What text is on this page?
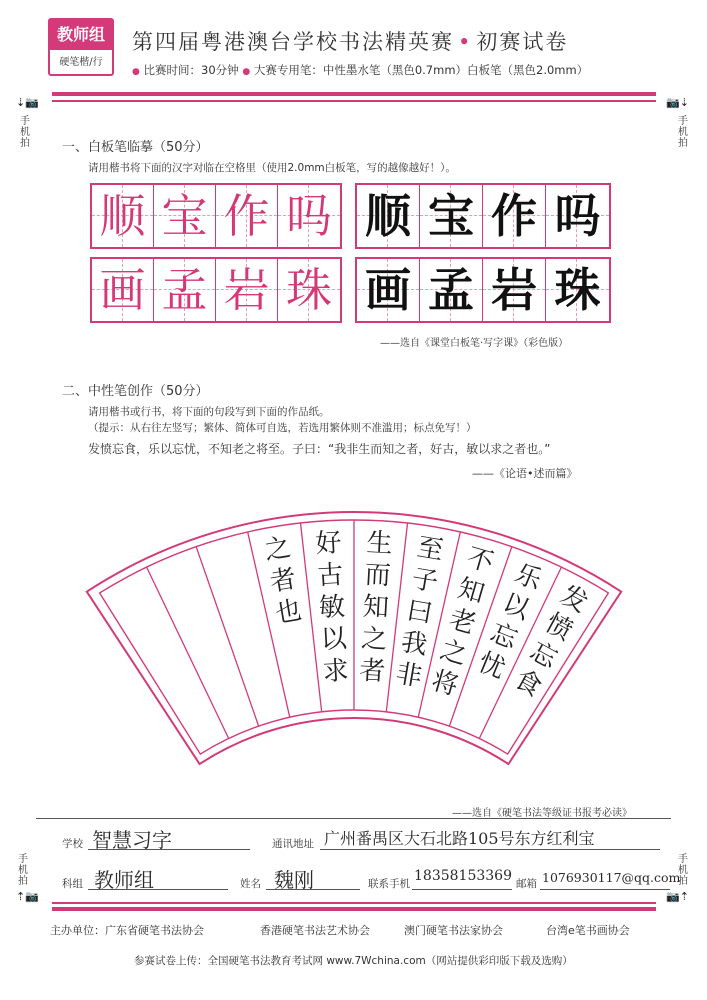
教师组
硬笔楷/行
第四届粤港澳台学校书法精英赛 • 初赛试卷
● 比赛时间：30分钟 ● 大赛专用笔：中性墨水笔（黑色0.7mm）白板笔（黑色2.0mm）
⇣📷
手机拍
📷⇣
手机拍
手机拍
⇡📷
手机拍
📷⇡
一、白板笔临摹（50分）
请用楷书将下面的汉字对临在空格里（使用2.0mm白板笔，写的越像越好！）。
顺 宝 作 吗 顺 宝 作 吗
画 孟 岩 珠 画 孟 岩 珠
——选自《课堂白板笔·写字课》（彩色版）
二、中性笔创作（50分）
请用楷书或行书，将下面的句段写到下面的作品纸。
（提示：从右往左竖写；繁体、简体可自选，若选用繁体则不准滥用；标点免写！）
发愤忘食，乐以忘忧，不知老之将至。子曰：“我非生而知之者，好古，敏以求之者也。”
——《论语•述而篇》
发
愤
忘
食
乐
以
忘
忧
不
知
老
之
将
至
子
曰
我
非
生
而
知
之
者
好
古
敏
以
求
之
者
也
——选自《硬笔书法等级证书报考必读》
学校 智慧习字	通讯地址 广州番禺区大石北路105号东方红利宝
科组 教师组	姓名 魏刚	联系手机 18358153369 邮箱 1076930117@qq.com
主办单位：广东省硬笔书法协会	香港硬笔书法艺术协会	澳门硬笔书法家协会	台湾e笔书画协会
参赛试卷上传：全国硬笔书法教育考试网 www.7Wchina.com（网站提供彩印版下载及选购）
